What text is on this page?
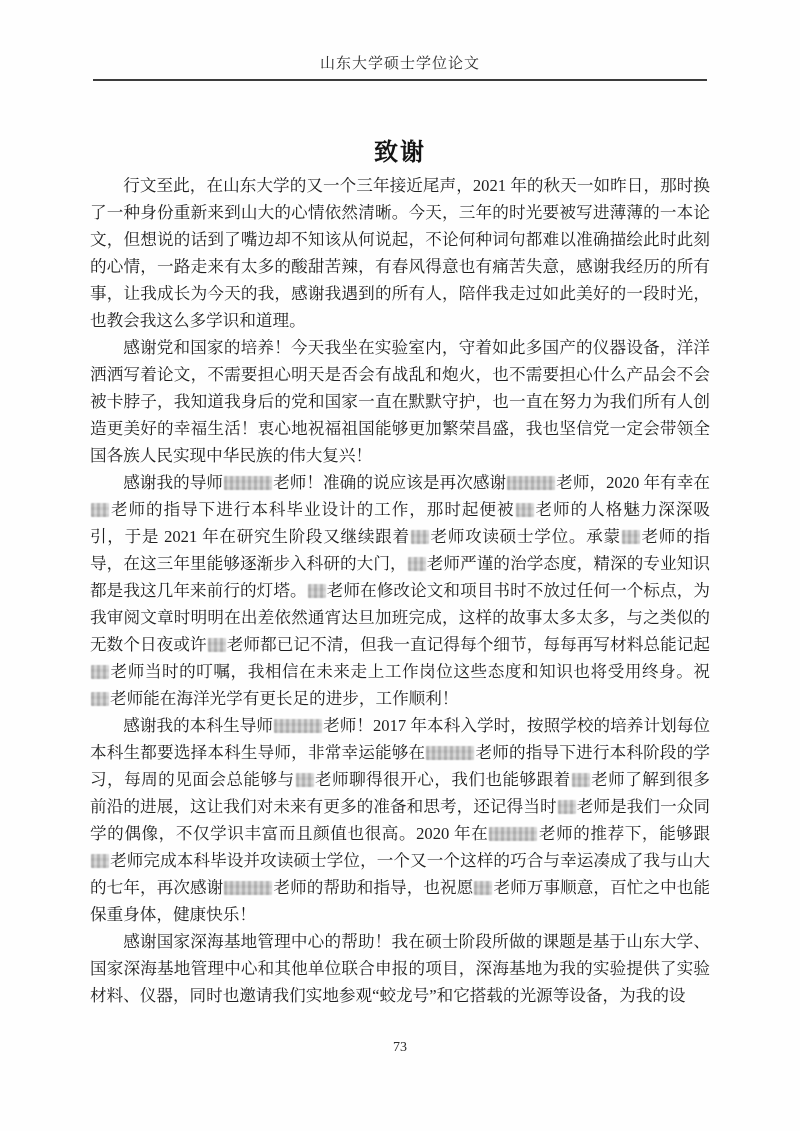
山东大学硕士学位论文
致谢

行文至此，在山东大学的又一个三年接近尾声，2021 年的秋天一如昨日，那时换了一种身份重新来到山大的心情依然清晰。今天，三年的时光要被写进薄薄的一本论文，但想说的话到了嘴边却不知该从何说起，不论何种词句都难以准确描绘此时此刻的心情，一路走来有太多的酸甜苦辣，有春风得意也有痛苦失意，感谢我经历的所有事，让我成长为今天的我，感谢我遇到的所有人，陪伴我走过如此美好的一段时光，也教会我这么多学识和道理。

感谢党和国家的培养！今天我坐在实验室内，守着如此多国产的仪器设备，洋洋洒洒写着论文，不需要担心明天是否会有战乱和炮火，也不需要担心什么产品会不会被卡脖子，我知道我身后的党和国家一直在默默守护，也一直在努力为我们所有人创造更美好的幸福生活！衷心地祝福祖国能够更加繁荣昌盛，我也坚信党一定会带领全国各族人民实现中华民族的伟大复兴！

感谢我的导师	老师！准确的说应该是再次感谢	老师，2020 年有幸在老师的指导下进行本科毕业设计的工作，那时起便被 老师的人格魅力深深吸引，于是 2021 年在研究生阶段又继续跟着 老师攻读硕士学位。承蒙 老师的指导，在这三年里能够逐渐步入科研的大门， 老师严谨的治学态度，精深的专业知识都是我这几年来前行的灯塔。 老师在修改论文和项目书时不放过任何一个标点，为我审阅文章时明明在出差依然通宵达旦加班完成，这样的故事太多太多，与之类似的无数个日夜或许 老师都已记不清，但我一直记得每个细节，每每再写材料总能记起老师当时的叮嘱，我相信在未来走上工作岗位这些态度和知识也将受用终身。祝老师能在海洋光学有更长足的进步，工作顺利！

感谢我的本科生导师	老师！2017 年本科入学时，按照学校的培养计划每位本科生都要选择本科生导师，非常幸运能够在	老师的指导下进行本科阶段的学习，每周的见面会总能够与 老师聊得很开心，我们也能够跟着 老师了解到很多前沿的进展，这让我们对未来有更多的准备和思考，还记得当时 老师是我们一众同学的偶像，不仅学识丰富而且颜值也很高。2020 年在	老师的推荐下，能够跟老师完成本科毕设并攻读硕士学位，一个又一个这样的巧合与幸运凑成了我与山大的七年，再次感谢	老师的帮助和指导，也祝愿 老师万事顺意，百忙之中也能保重身体，健康快乐！

感谢国家深海基地管理中心的帮助！我在硕士阶段所做的课题是基于山东大学、国家深海基地管理中心和其他单位联合申报的项目，深海基地为我的实验提供了实验材料、仪器，同时也邀请我们实地参观“蛟龙号”和它搭载的光源等设备，为我的设

73
